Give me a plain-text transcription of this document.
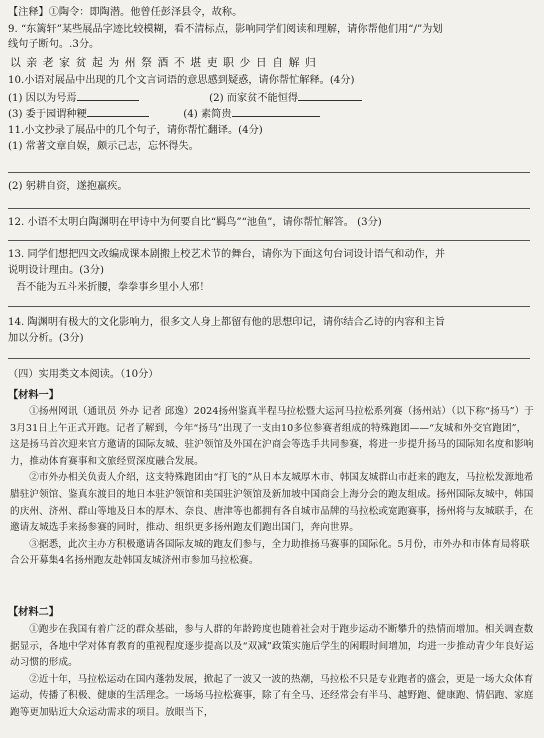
【注释】①陶令：即陶潜。他曾任彭泽县令，故称。
9. “东篱轩”某些展品字迹比较模糊，看不清标点，影响同学们阅读和理解，请你帮他们用“/”为划
线句子断句。.3分。
以 亲 老 家 贫 起 为 州 祭 酒 不 堪 吏 职 少 日 自 解 归
10.小语对展品中出现的几个文言词语的意思感到疑惑，请你帮忙解释。(4分)
(1) 因以为号焉	(2) 而家贫不能恒得
(3) 委于园谓种粳	(4) 素简贵
11.小文抄录了展品中的几个句子，请你帮忙翻译。(4分)
(1) 常著文章自娱，颇示己志，忘怀得失。
(2) 躬耕自资，遂抱羸疾。
12. 小语不太明白陶渊明在甲诗中为何要自比“羁鸟”“池鱼”，请你帮忙解答。 (3分)
13. 同学们想把四文改编成课本剧搬上校艺术节的舞台，请你为下面这句台词设计语气和动作，并
说明设计理由。(3分)
吾不能为五斗米折腰，拳拳事乡里小人邪！
14. 陶渊明有极大的文化影响力，很多文人身上都留有他的思想印记，请你结合乙诗的内容和主旨
加以分析。(3分)
（四）实用类文本阅读。（10分）
【材料一】

①扬州网讯（通讯员 外办 记者 邱逸）2024扬州鉴真半程马拉松暨大运河马拉松系列赛（扬州站）（以下称“扬马”）于3月31日上午正式开跑。记者了解到，今年“扬马”出现了一支由10多位参赛者组成的特殊跑团——“友城和外交官跑团”，这是扬马首次迎来官方邀请的国际友城、驻沪领馆及外国在沪商会等选手共同参赛，将进一步提升扬马的国际知名度和影响力，推动体育赛事和文旅经贸深度融合发展。

②市外办相关负责人介绍，这支特殊跑团由“打飞的”从日本友城厚木市、韩国友城群山市赶来的跑友，马拉松发源地希腊驻沪领馆、鉴真东渡目的地日本驻沪领馆和美国驻沪领馆及新加坡中国商会上海分会的跑友组成。扬州国际友城中，韩国的庆州、济州、群山等地及日本的厚木、奈良、唐津等也都拥有各自城市品牌的马拉松或宽跑赛事，扬州将与友城联手，在邀请友城选手来扬参赛的同时，推动、组织更多扬州跑友们跑出国门，奔向世界。

③据悉，此次主办方积极邀请各国际友城的跑友们参与，全力助推扬马赛事的国际化。5月份，市外办和市体育局将联合公开募集4名扬州跑友赴韩国友城济州市参加马拉松赛。

【材料二】

①跑步在我国有着广泛的群众基础，参与人群的年龄跨度也随着社会对于跑步运动不断攀升的热情而增加。相关调查数据显示，各地中学对体育教育的重视程度逐步提高以及“双减”政策实施后学生的闲暇时间增加，均进一步推动青少年良好运动习惯的形成。

②近十年，马拉松运动在国内蓬勃发展，掀起了一波又一波的热潮，马拉松不只是专业跑者的盛会，更是一场大众体育运动，传播了积极、健康的生活理念。一场场马拉松赛事，除了有全马、还经常会有半马、越野跑、健康跑、情侣跑、家庭跑等更加贴近大众运动需求的项目。放眼当下，
